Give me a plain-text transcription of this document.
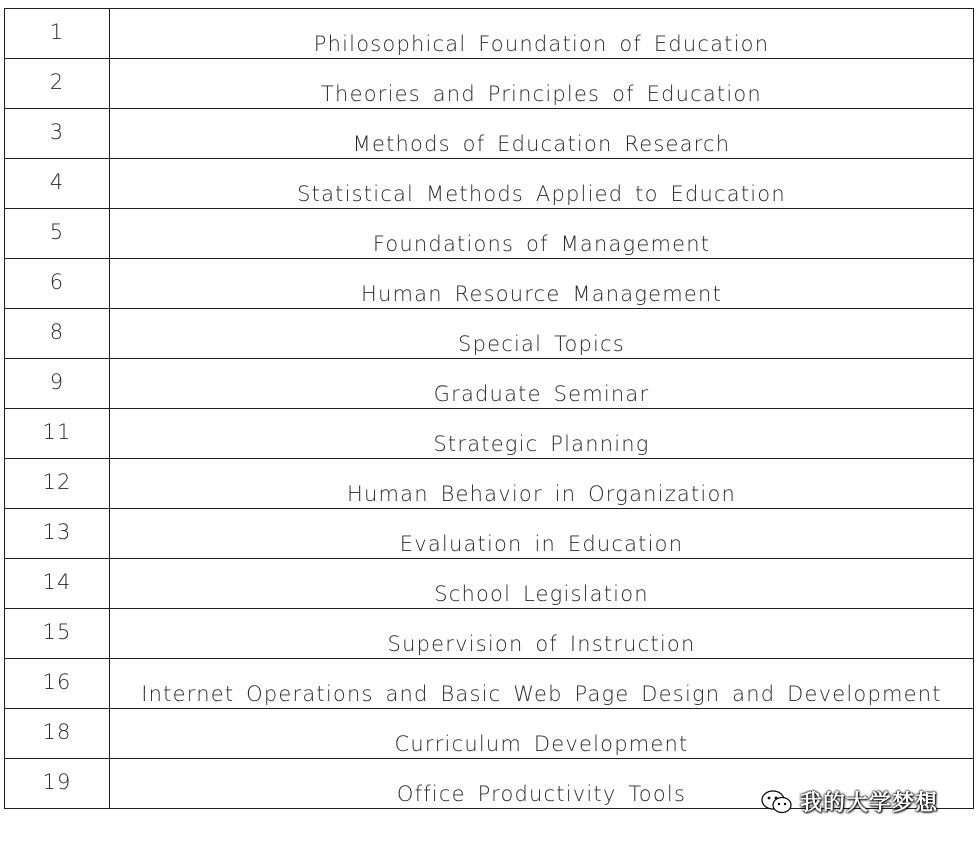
1	Philosophical Foundation of Education
2	Theories and Principles of Education
3	Methods of Education Research
4	Statistical Methods Applied to Education
5	Foundations of Management
6	Human Resource Management
8	Special Topics
9	Graduate Seminar
11	Strategic Planning
12	Human Behavior in Organization
13	Evaluation in Education
14	School Legislation
15	Supervision of Instruction
16	Internet Operations and Basic Web Page Design and Development
18	Curriculum Development
19	Office Productivity Tools	我的大学梦想
